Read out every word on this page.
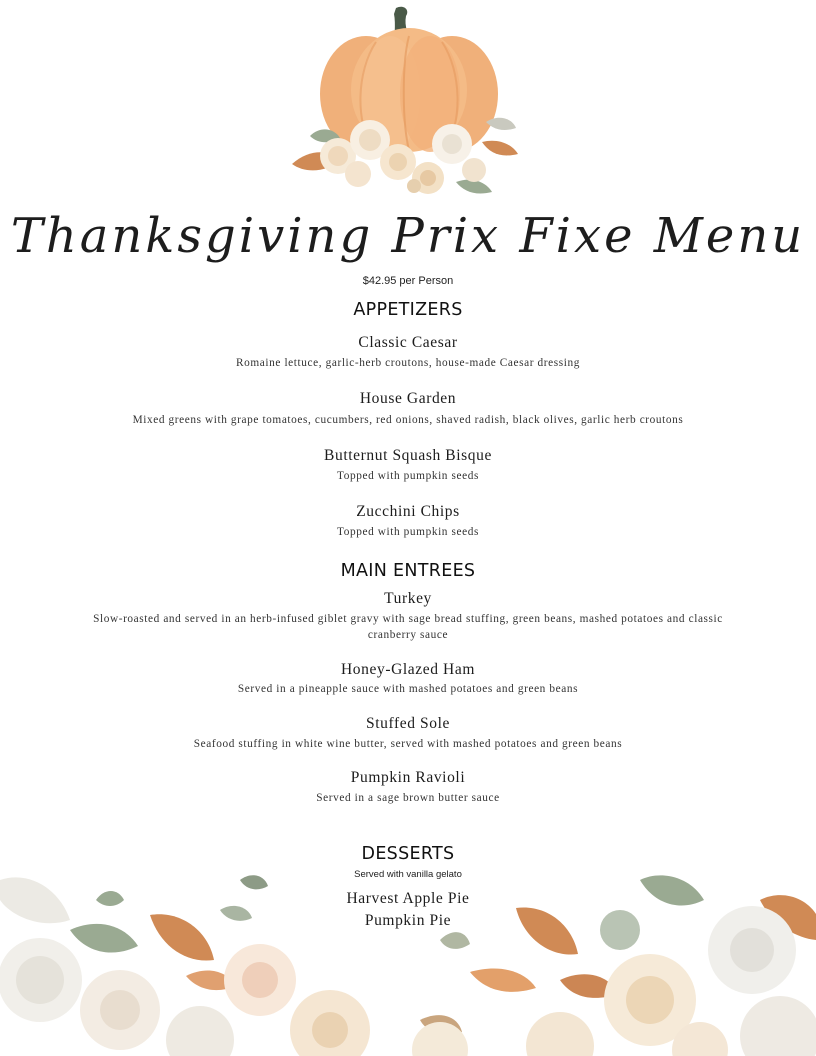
Thanksgiving Prix Fixe Menu
$42.95 per Person
APPETIZERS
Classic Caesar
Romaine lettuce, garlic-herb croutons, house-made Caesar dressing
House Garden
Mixed greens with grape tomatoes, cucumbers, red onions, shaved radish, black olives, garlic herb croutons
Butternut Squash Bisque
Topped with pumpkin seeds
Zucchini Chips
Topped with pumpkin seeds
MAIN ENTREES
Turkey
Slow-roasted and served in an herb-infused giblet gravy with sage bread stuffing, green beans, mashed potatoes and classic cranberry sauce
Honey-Glazed Ham
Served in a pineapple sauce with mashed potatoes and green beans
Stuffed Sole
Seafood stuffing in white wine butter, served with mashed potatoes and green beans
Pumpkin Ravioli
Served in a sage brown butter sauce
DESSERTS
Served with vanilla gelato
Harvest Apple Pie
Pumpkin Pie
